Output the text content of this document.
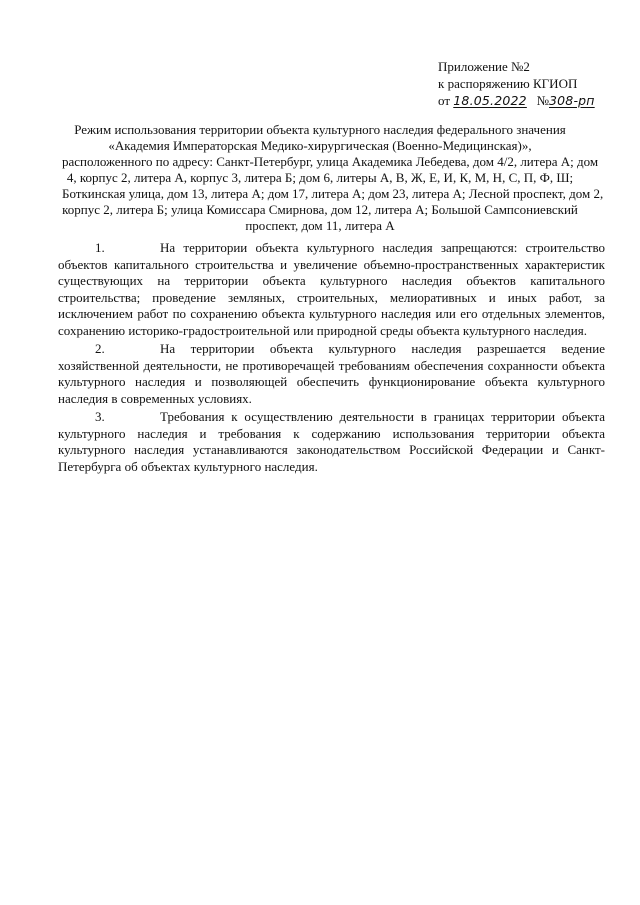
Приложение №2
к распоряжению КГИОП
от 18.05.2022 №308-рп
Режим использования территории объекта культурного наследия федерального значения
«Академия Императорская Медико-хирургическая (Военно-Медицинская)»,
расположенного по адресу: Санкт-Петербург, улица Академика Лебедева, дом 4/2, литера А; дом
4, корпус 2, литера А, корпус 3, литера Б; дом 6, литеры А, В, Ж, Е, И, К, М, Н, С, П, Ф, Ш;
Боткинская улица, дом 13, литера А; дом 17, литера А; дом 23, литера А; Лесной проспект, дом 2,
корпус 2, литера Б; улица Комиссара Смирнова, дом 12, литера А; Большой Сампсониевский
проспект, дом 11, литера А

1.	На территории объекта культурного наследия запрещаются: строительство объектов капитального строительства и увеличение объемно-пространственных характеристик существующих на территории объекта культурного наследия объектов капитального строительства; проведение земляных, строительных, мелиоративных и иных работ, за исключением работ по сохранению объекта культурного наследия или его отдельных элементов, сохранению историко-градостроительной или природной среды объекта культурного наследия.

2.	На территории объекта культурного наследия разрешается ведение хозяйственной деятельности, не противоречащей требованиям обеспечения сохранности объекта культурного наследия и позволяющей обеспечить функционирование объекта культурного наследия в современных условиях.

3.	Требования к осуществлению деятельности в границах территории объекта культурного наследия и требования к содержанию использования территории объекта культурного наследия устанавливаются законодательством Российской Федерации и Санкт-Петербурга об объектах культурного наследия.
